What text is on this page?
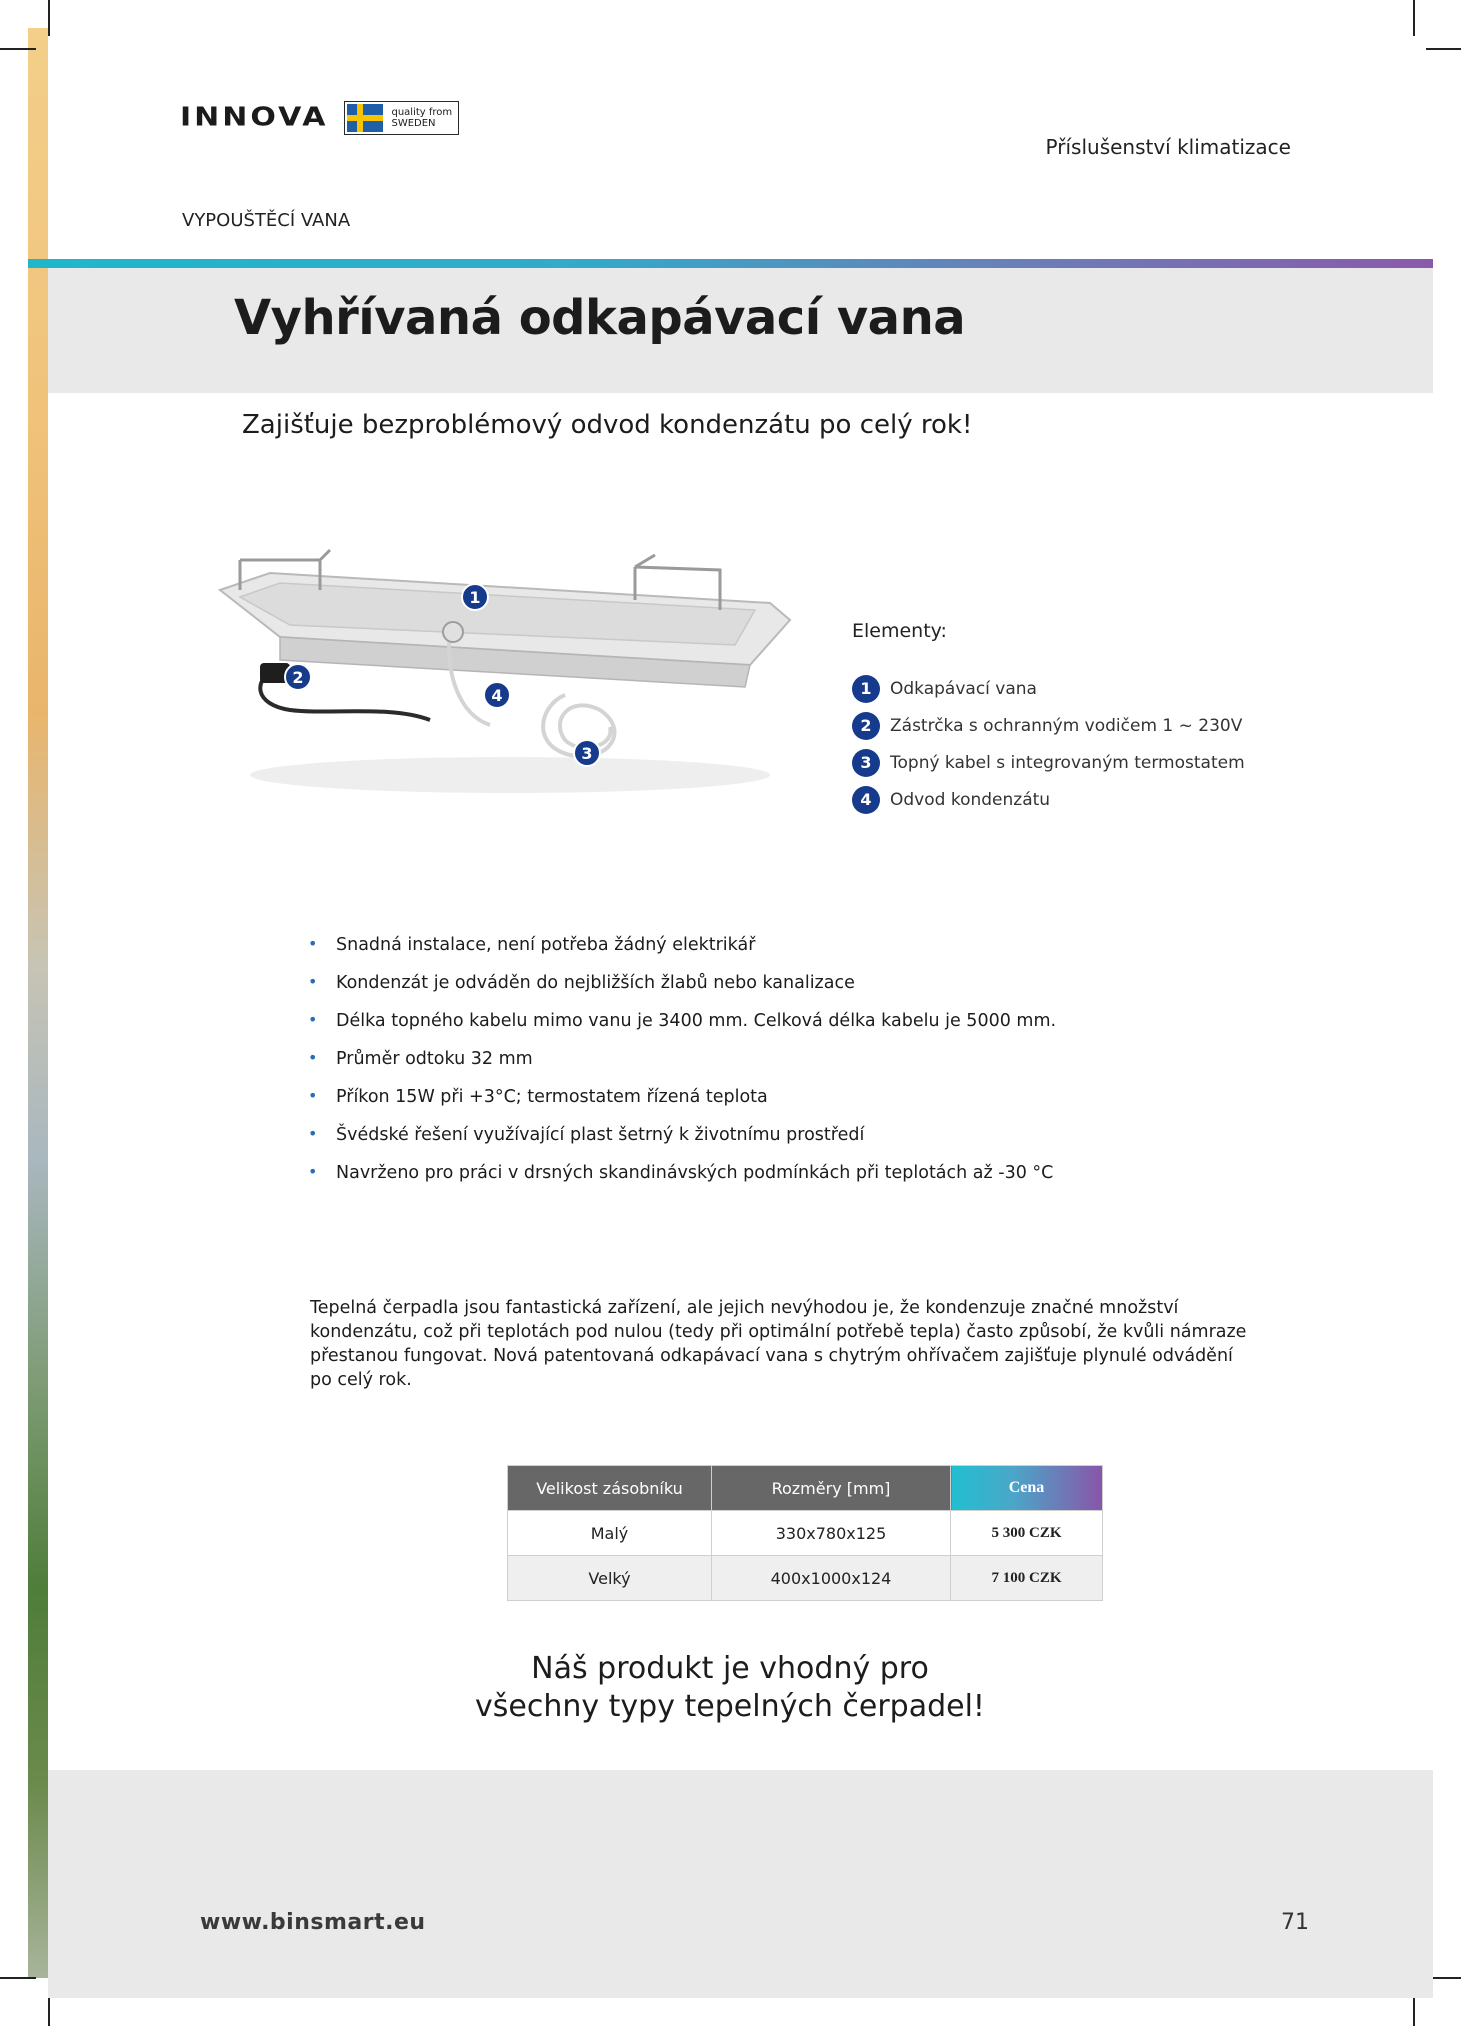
INNOVA	quality from
SWEDEN
Příslušenství klimatizace
VYPOUŠTĚCÍ VANA
Vyhřívaná odkapávací vana
Zajišťuje bezproblémový odvod kondenzátu po celý rok!
1
2
3
4
Elementy:
1	Odkapávací vana
2	Zástrčka s ochranným vodičem 1 ~ 230V
3	Topný kabel s integrovaným termostatem
4	Odvod kondenzátu
• Snadná instalace, není potřeba žádný elektrikář
• Kondenzát je odváděn do nejbližších žlabů nebo kanalizace
• Délka topného kabelu mimo vanu je 3400 mm. Celková délka kabelu je 5000 mm.
• Průměr odtoku 32 mm
• Příkon 15W při +3°C; termostatem řízená teplota
• Švédské řešení využívající plast šetrný k životnímu prostředí
• Navrženo pro práci v drsných skandinávských podmínkách při teplotách až -30 °C

Tepelná čerpadla jsou fantastická zařízení, ale jejich nevýhodou je, že kondenzuje značné množství kondenzátu, což při teplotách pod nulou (tedy při optimální potřebě tepla) často způsobí, že kvůli námraze přestanou fungovat. Nová patentovaná odkapávací vana s chytrým ohřívačem zajišťuje plynulé odvádění po celý rok.

Velikost zásobníku	Rozměry [mm]	Cena
Malý	330x780x125	5 300 CZK
Velký	400x1000x124	7 100 CZK
Náš produkt je vhodný pro
všechny typy tepelných čerpadel!
www.binsmart.eu	71
